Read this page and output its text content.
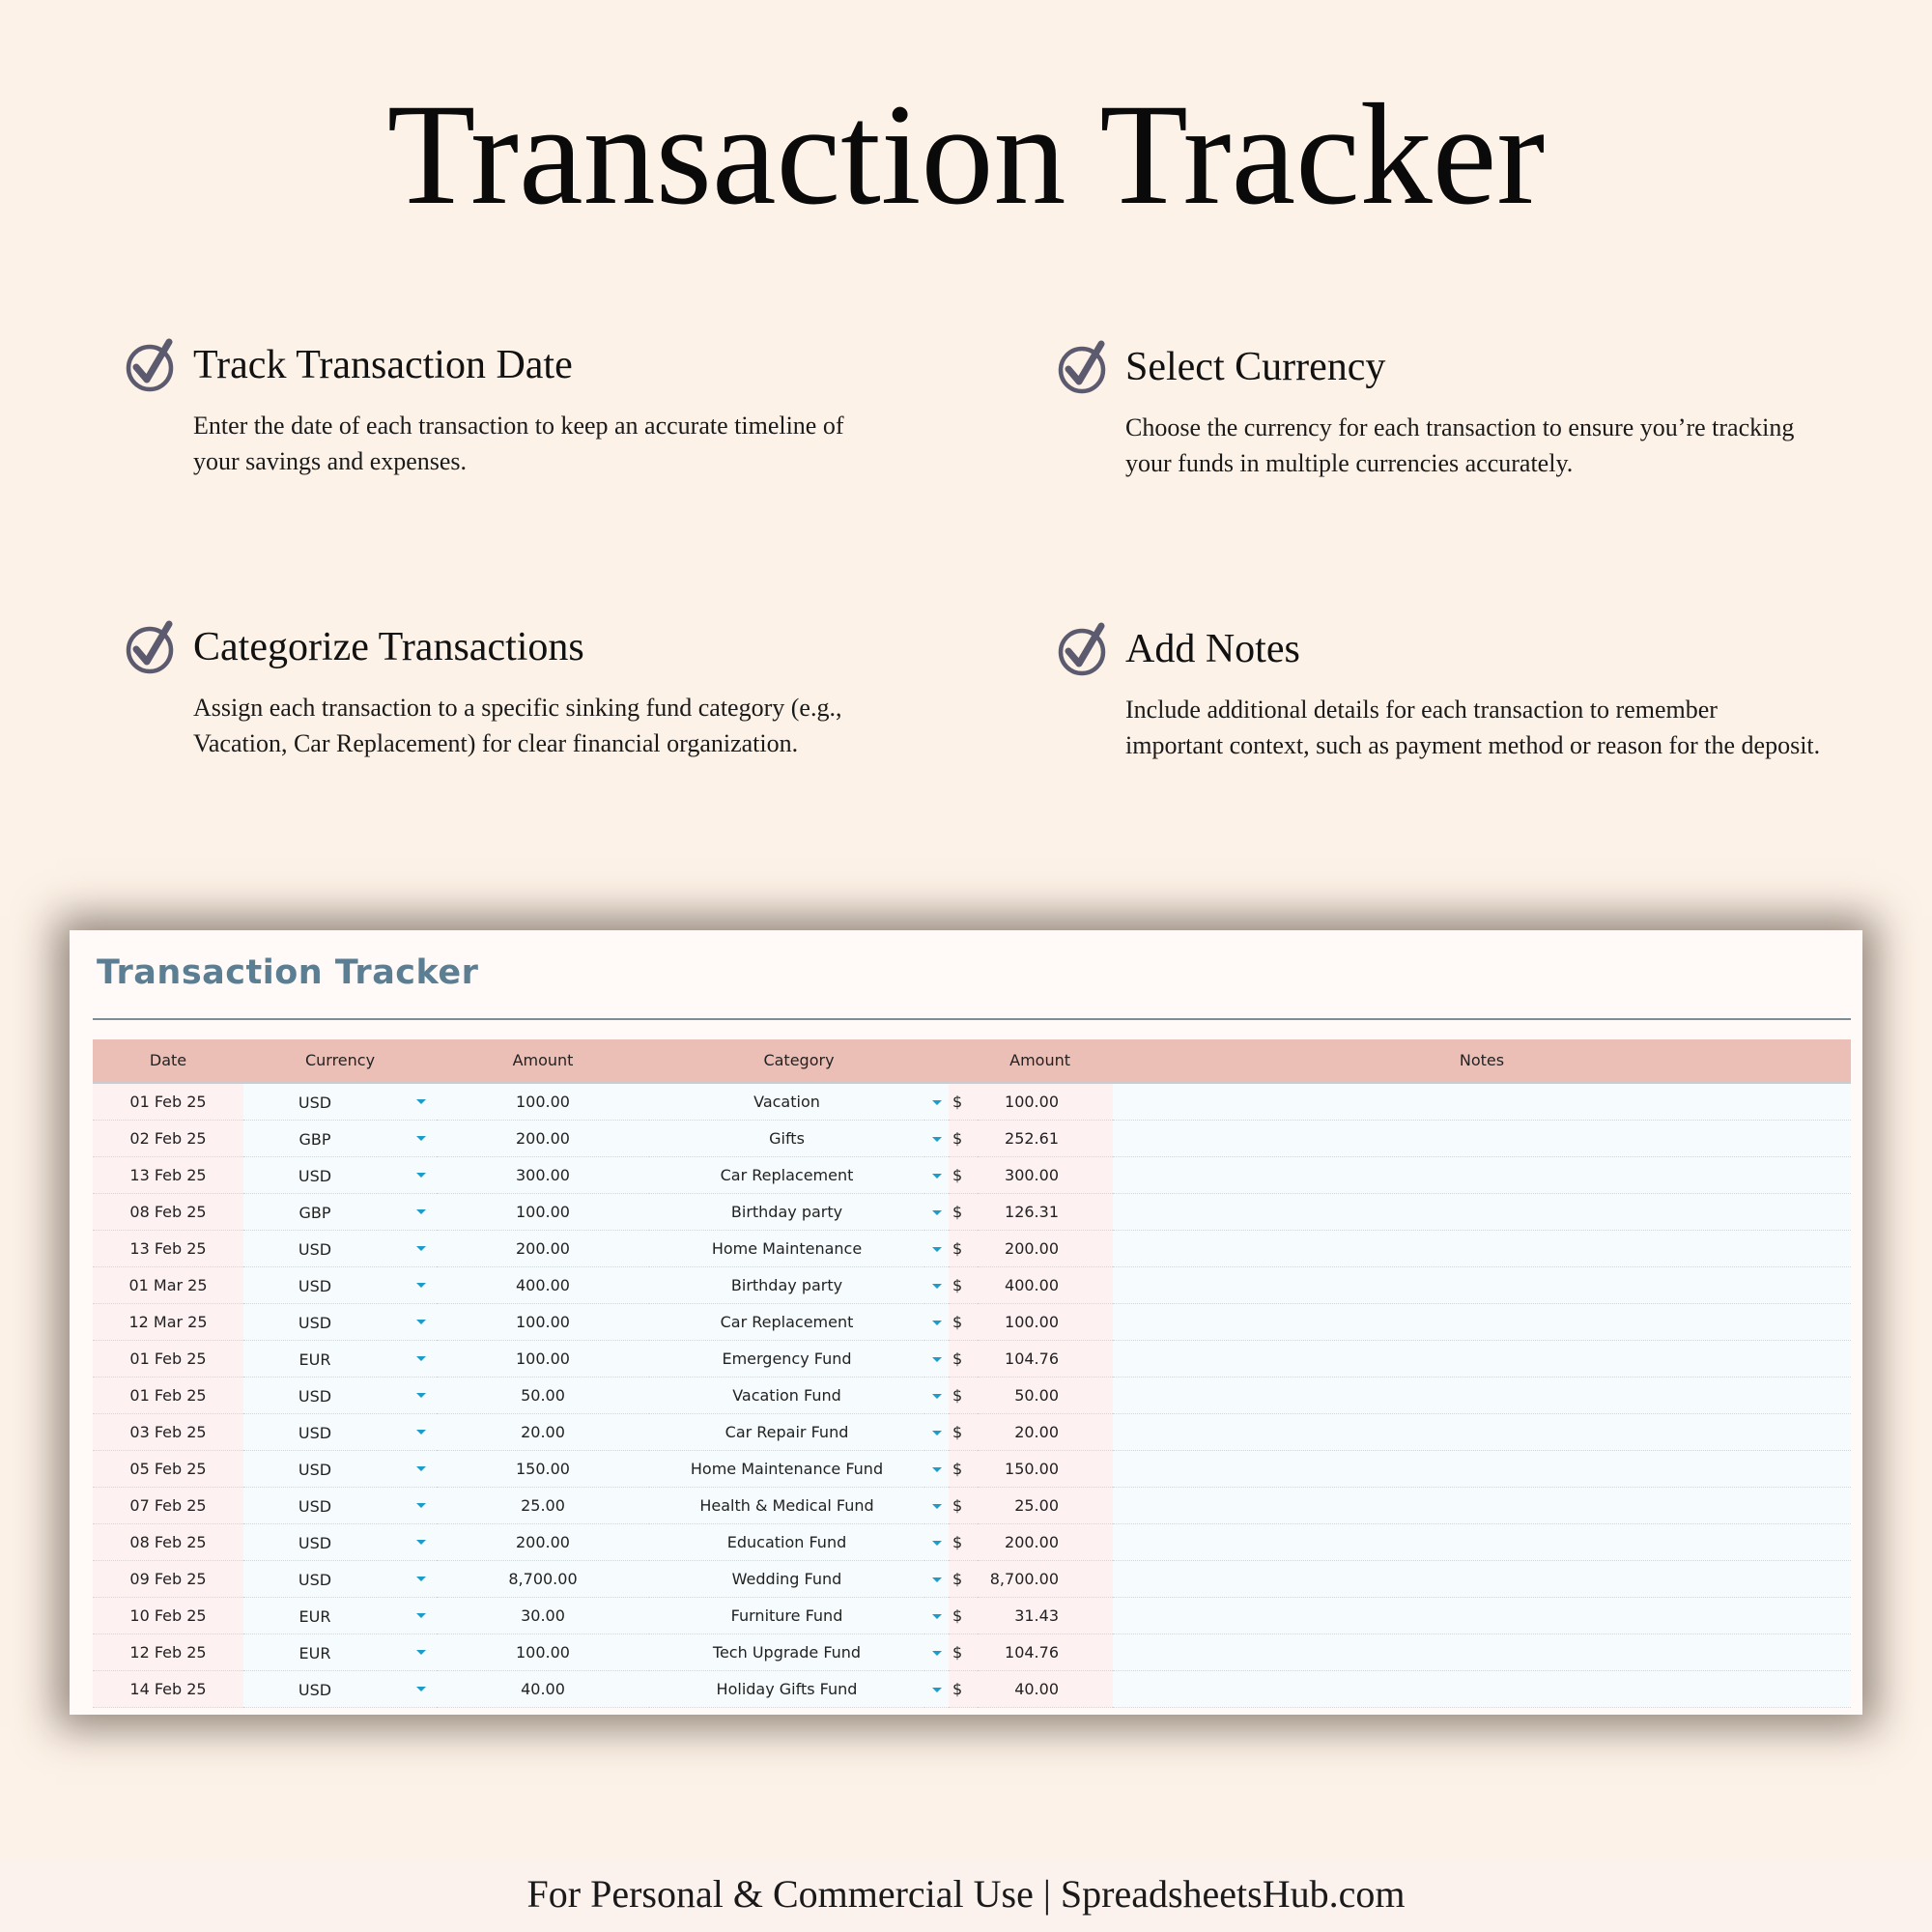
Transaction Tracker
Track Transaction Date

Enter the date of each transaction to keep an accurate timeline of your savings and expenses.

Select Currency

Choose the currency for each transaction to ensure you’re tracking your funds in multiple currencies accurately.

Categorize Transactions

Assign each transaction to a specific sinking fund category (e.g., Vacation, Car Replacement) for clear financial organization.

Add Notes

Include additional details for each transaction to remember important context, such as payment method or reason for the deposit.

Transaction Tracker
Date	Currency	Amount	Category		Amount		Notes
01 Feb 25	USD	100.00	Vacation		$	100.00	
02 Feb 25	GBP	200.00	Gifts		$	252.61	
13 Feb 25	USD	300.00	Car Replacement		$	300.00	
08 Feb 25	GBP	100.00	Birthday party		$	126.31	
13 Feb 25	USD	200.00	Home Maintenance		$	200.00	
01 Mar 25	USD	400.00	Birthday party		$	400.00	
12 Mar 25	USD	100.00	Car Replacement		$	100.00	
01 Feb 25	EUR	100.00	Emergency Fund		$	104.76	
01 Feb 25	USD	50.00	Vacation Fund		$	50.00	
03 Feb 25	USD	20.00	Car Repair Fund		$	20.00	
05 Feb 25	USD	150.00	Home Maintenance Fund		$	150.00	
07 Feb 25	USD	25.00	Health & Medical Fund		$	25.00	
08 Feb 25	USD	200.00	Education Fund		$	200.00	
09 Feb 25	USD	8,700.00	Wedding Fund		$	8,700.00	
10 Feb 25	EUR	30.00	Furniture Fund		$	31.43	
12 Feb 25	EUR	100.00	Tech Upgrade Fund		$	104.76	
14 Feb 25	USD	40.00	Holiday Gifts Fund		$	40.00	

For Personal & Commercial Use | SpreadsheetsHub.com
